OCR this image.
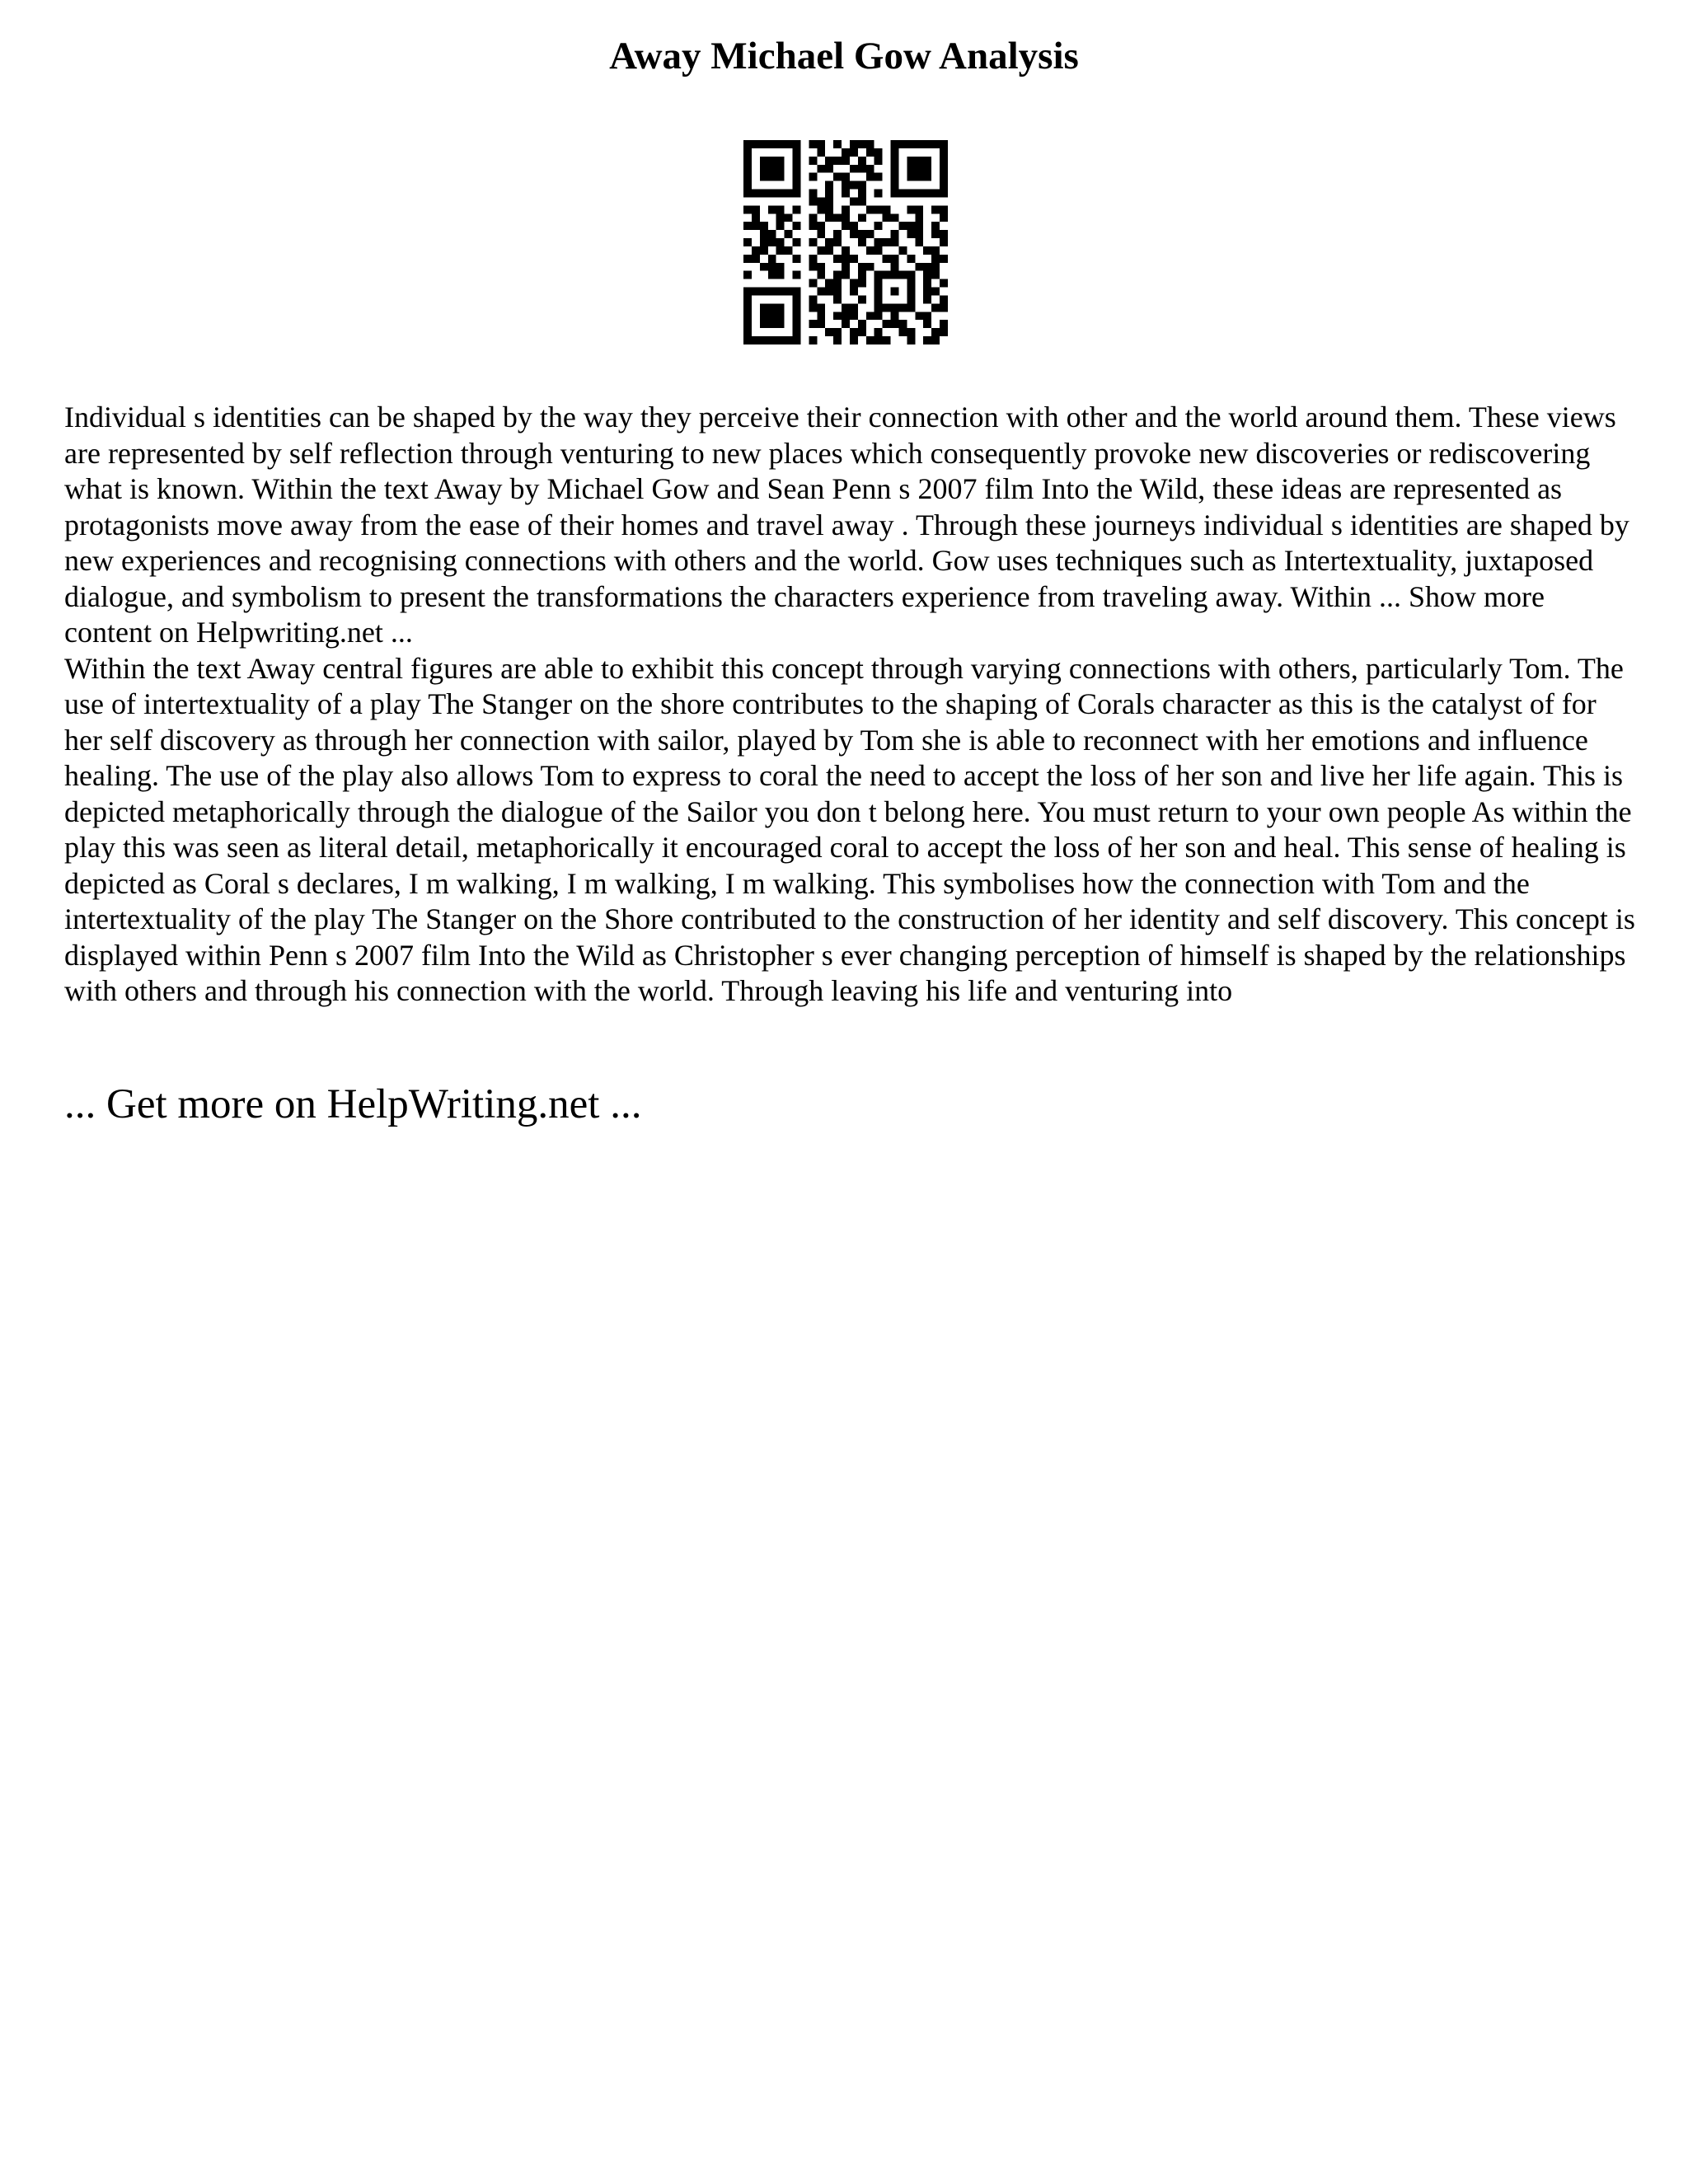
Away Michael Gow Analysis

Individual s identities can be shaped by the way they perceive their connection with other and the world around them. These views are represented by self reflection through venturing to new places which consequently provoke new discoveries or rediscovering what is known. Within the text Away by Michael Gow and Sean Penn s 2007 film Into the Wild, these ideas are represented as protagonists move away from the ease of their homes and travel away . Through these journeys individual s identities are shaped by new experiences and recognising connections with others and the world. Gow uses techniques such as Intertextuality, juxtaposed dialogue, and symbolism to present the transformations the characters experience from traveling away. Within ... Show more content on Helpwriting.net ...

Within the text Away central figures are able to exhibit this concept through varying connections with others, particularly Tom. The use of intertextuality of a play The Stanger on the shore contributes to the shaping of Corals character as this is the catalyst of for her self discovery as through her connection with sailor, played by Tom she is able to reconnect with her emotions and influence healing. The use of the play also allows Tom to express to coral the need to accept the loss of her son and live her life again. This is depicted metaphorically through the dialogue of the Sailor you don t belong here. You must return to your own people As within the play this was seen as literal detail, metaphorically it encouraged coral to accept the loss of her son and heal. This sense of healing is depicted as Coral s declares, I m walking, I m walking, I m walking. This symbolises how the connection with Tom and the intertextuality of the play The Stanger on the Shore contributed to the construction of her identity and self discovery. This concept is displayed within Penn s 2007 film Into the Wild as Christopher s ever changing perception of himself is shaped by the relationships with others and through his connection with the world. Through leaving his life and venturing into

... Get more on HelpWriting.net ...
